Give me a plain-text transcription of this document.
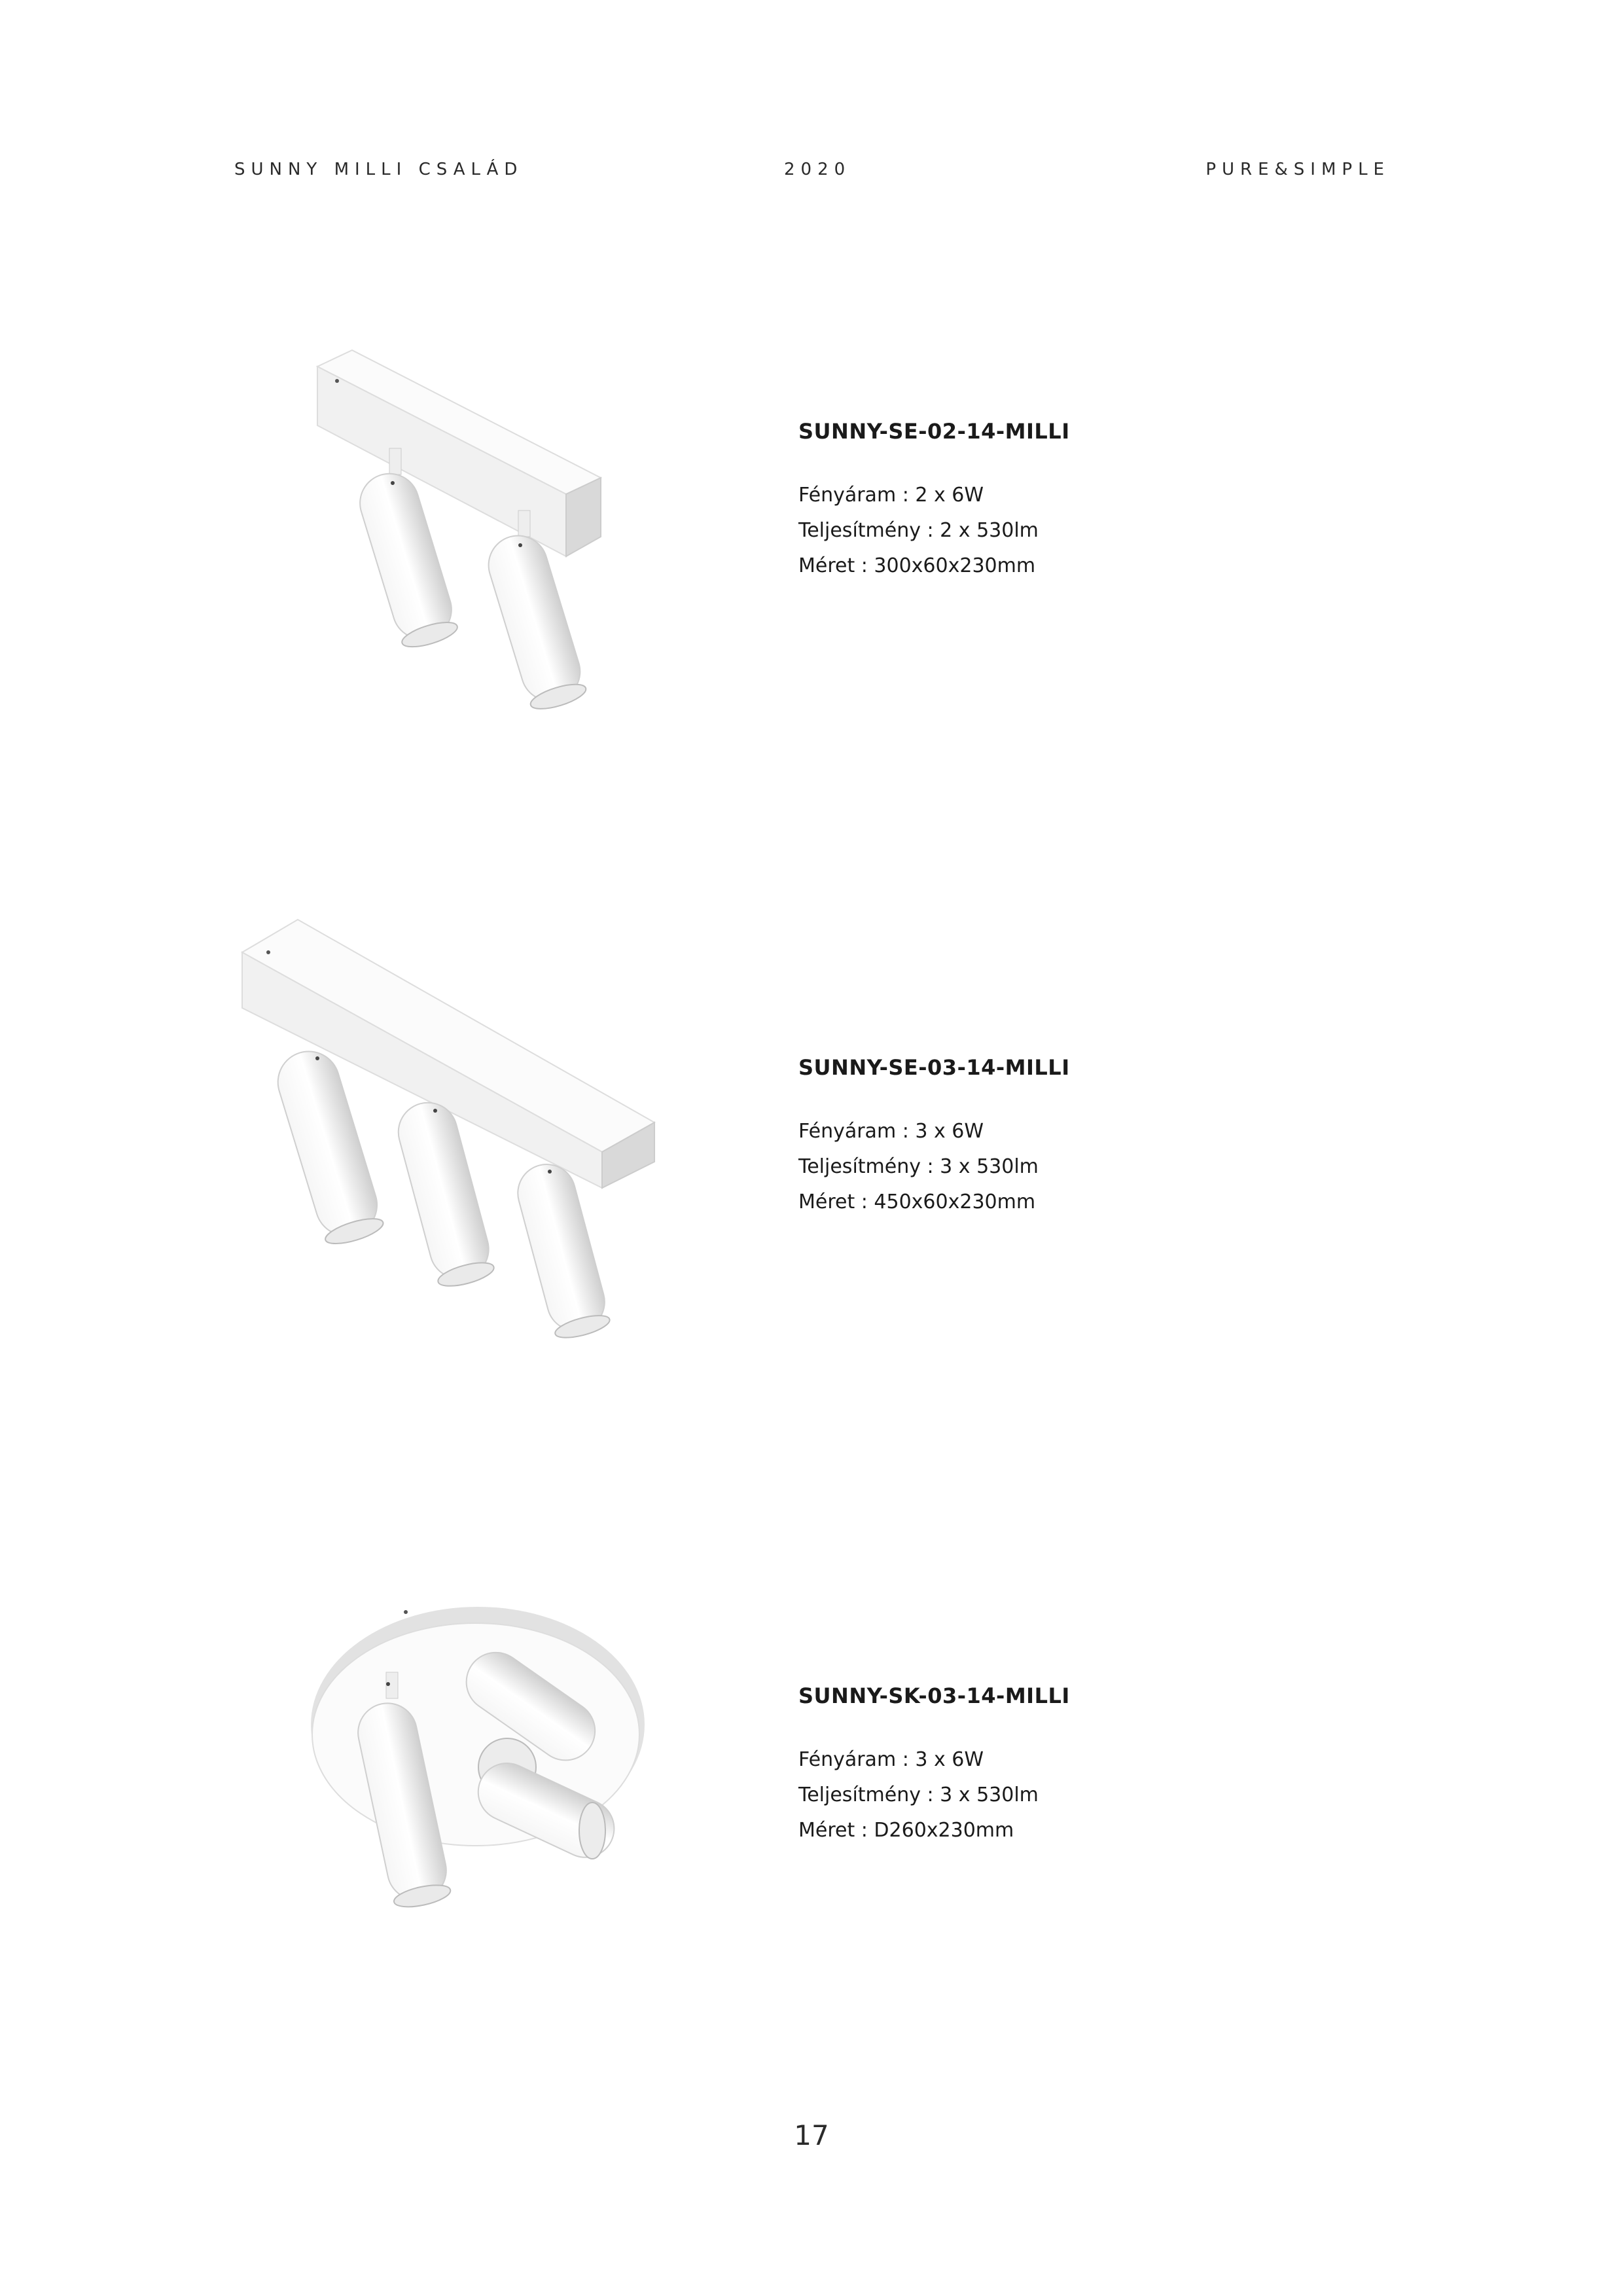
SUNNY MILLI CSALÁD	2020	PURE&SIMPLE

SUNNY-SE-02-14-MILLI

Fényáram : 2 x 6W

Teljesítmény : 2 x 530lm

Méret : 300x60x230mm

SUNNY-SE-03-14-MILLI

Fényáram : 3 x 6W

Teljesítmény : 3 x 530lm

Méret : 450x60x230mm

SUNNY-SK-03-14-MILLI

Fényáram : 3 x 6W

Teljesítmény : 3 x 530lm

Méret : D260x230mm

17
